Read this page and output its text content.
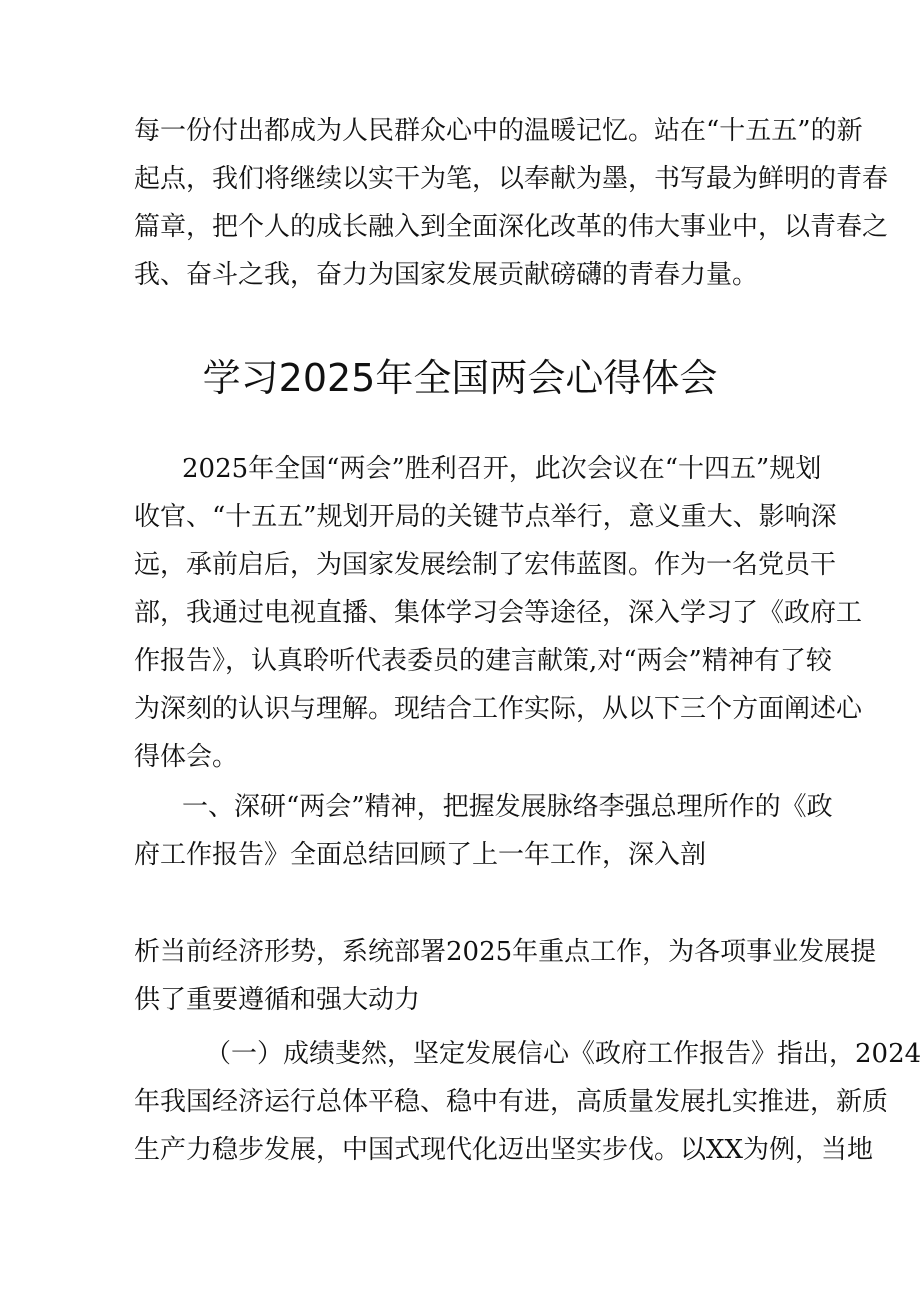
每一份付出都成为人民群众心中的温暖记忆。站在“十五五”的新
起点，我们将继续以实干为笔，以奉献为墨，书写最为鲜明的青春
篇章，把个人的成长融入到全面深化改革的伟大事业中，以青春之
我、奋斗之我，奋力为国家发展贡献磅礴的青春力量。
学习2025年全国两会心得体会
2025年全国“两会”胜利召开，此次会议在“十四五”规划
收官、“十五五”规划开局的关键节点举行，意义重大、影响深
远，承前启后，为国家发展绘制了宏伟蓝图。作为一名党员干
部，我通过电视直播、集体学习会等途径，深入学习了《政府工
作报告》，认真聆听代表委员的建言献策,对“两会”精神有了较
为深刻的认识与理解。现结合工作实际，从以下三个方面阐述心
得体会。
一、深研“两会”精神，把握发展脉络李强总理所作的《政
府工作报告》全面总结回顾了上一年工作，深入剖
析当前经济形势，系统部署2025年重点工作，为各项事业发展提
供了重要遵循和强大动力
（一）成绩斐然，坚定发展信心《政府工作报告》指出，2024
年我国经济运行总体平稳、稳中有进，高质量发展扎实推进，新质
生产力稳步发展，中国式现代化迈出坚实步伐。以XX为例，当地
